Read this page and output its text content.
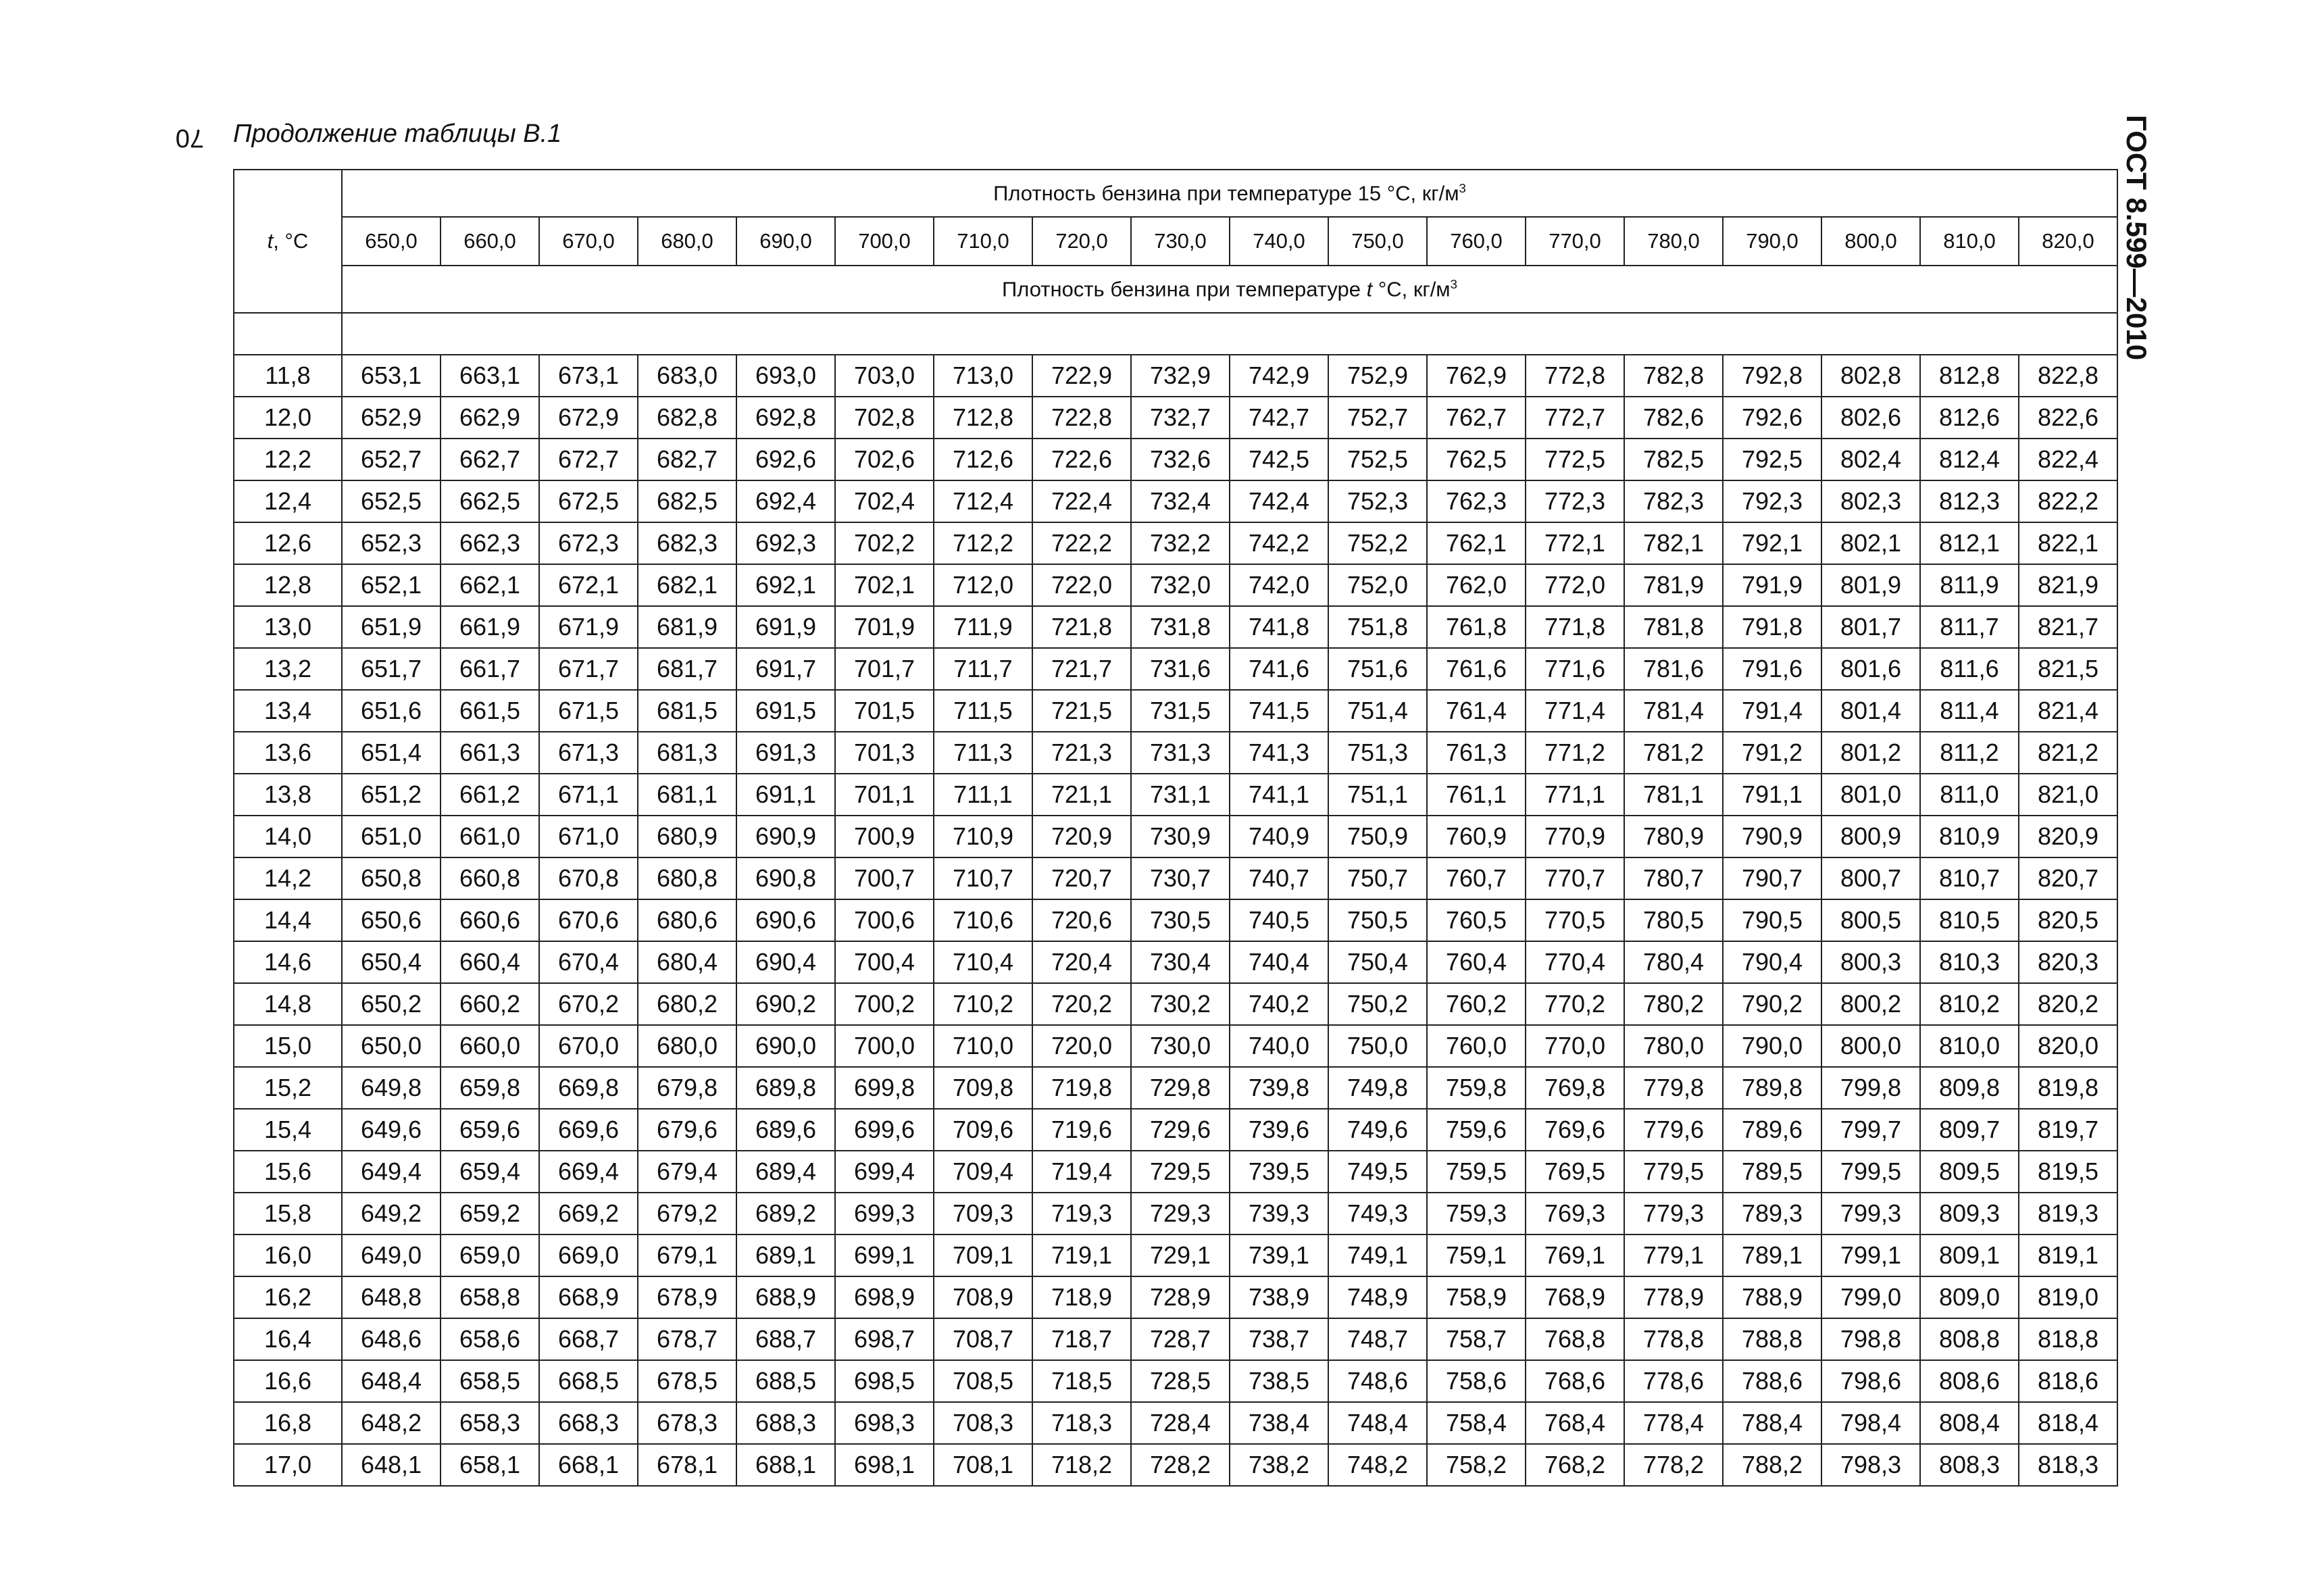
70 Продолжение таблицы В.1	ГОСТ 8.599—2010
t, °С	Плотность бензина при температуре 15 °С, $кг/м^3$
	650,0	660,0	670,0	680,0	690,0	700,0	710,0	720,0	730,0	740,0	750,0	760,0	770,0	780,0	790,0	800,0	810,0	820,0
	Плотность бензина при температуре t °С, $кг/м^3$

11,8	653,1	663,1	673,1	683,0	693,0	703,0	713,0	722,9	732,9	742,9	752,9	762,9	772,8	782,8	792,8	802,8	812,8	822,8
12,0	652,9	662,9	672,9	682,8	692,8	702,8	712,8	722,8	732,7	742,7	752,7	762,7	772,7	782,6	792,6	802,6	812,6	822,6
12,2	652,7	662,7	672,7	682,7	692,6	702,6	712,6	722,6	732,6	742,5	752,5	762,5	772,5	782,5	792,5	802,4	812,4	822,4
12,4	652,5	662,5	672,5	682,5	692,4	702,4	712,4	722,4	732,4	742,4	752,3	762,3	772,3	782,3	792,3	802,3	812,3	822,2
12,6	652,3	662,3	672,3	682,3	692,3	702,2	712,2	722,2	732,2	742,2	752,2	762,1	772,1	782,1	792,1	802,1	812,1	822,1
12,8	652,1	662,1	672,1	682,1	692,1	702,1	712,0	722,0	732,0	742,0	752,0	762,0	772,0	781,9	791,9	801,9	811,9	821,9
13,0	651,9	661,9	671,9	681,9	691,9	701,9	711,9	721,8	731,8	741,8	751,8	761,8	771,8	781,8	791,8	801,7	811,7	821,7
13,2	651,7	661,7	671,7	681,7	691,7	701,7	711,7	721,7	731,6	741,6	751,6	761,6	771,6	781,6	791,6	801,6	811,6	821,5
13,4	651,6	661,5	671,5	681,5	691,5	701,5	711,5	721,5	731,5	741,5	751,4	761,4	771,4	781,4	791,4	801,4	811,4	821,4
13,6	651,4	661,3	671,3	681,3	691,3	701,3	711,3	721,3	731,3	741,3	751,3	761,3	771,2	781,2	791,2	801,2	811,2	821,2
13,8	651,2	661,2	671,1	681,1	691,1	701,1	711,1	721,1	731,1	741,1	751,1	761,1	771,1	781,1	791,1	801,0	811,0	821,0
14,0	651,0	661,0	671,0	680,9	690,9	700,9	710,9	720,9	730,9	740,9	750,9	760,9	770,9	780,9	790,9	800,9	810,9	820,9
14,2	650,8	660,8	670,8	680,8	690,8	700,7	710,7	720,7	730,7	740,7	750,7	760,7	770,7	780,7	790,7	800,7	810,7	820,7
14,4	650,6	660,6	670,6	680,6	690,6	700,6	710,6	720,6	730,5	740,5	750,5	760,5	770,5	780,5	790,5	800,5	810,5	820,5
14,6	650,4	660,4	670,4	680,4	690,4	700,4	710,4	720,4	730,4	740,4	750,4	760,4	770,4	780,4	790,4	800,3	810,3	820,3
14,8	650,2	660,2	670,2	680,2	690,2	700,2	710,2	720,2	730,2	740,2	750,2	760,2	770,2	780,2	790,2	800,2	810,2	820,2
15,0	650,0	660,0	670,0	680,0	690,0	700,0	710,0	720,0	730,0	740,0	750,0	760,0	770,0	780,0	790,0	800,0	810,0	820,0
15,2	649,8	659,8	669,8	679,8	689,8	699,8	709,8	719,8	729,8	739,8	749,8	759,8	769,8	779,8	789,8	799,8	809,8	819,8
15,4	649,6	659,6	669,6	679,6	689,6	699,6	709,6	719,6	729,6	739,6	749,6	759,6	769,6	779,6	789,6	799,7	809,7	819,7
15,6	649,4	659,4	669,4	679,4	689,4	699,4	709,4	719,4	729,5	739,5	749,5	759,5	769,5	779,5	789,5	799,5	809,5	819,5
15,8	649,2	659,2	669,2	679,2	689,2	699,3	709,3	719,3	729,3	739,3	749,3	759,3	769,3	779,3	789,3	799,3	809,3	819,3
16,0	649,0	659,0	669,0	679,1	689,1	699,1	709,1	719,1	729,1	739,1	749,1	759,1	769,1	779,1	789,1	799,1	809,1	819,1
16,2	648,8	658,8	668,9	678,9	688,9	698,9	708,9	718,9	728,9	738,9	748,9	758,9	768,9	778,9	788,9	799,0	809,0	819,0
16,4	648,6	658,6	668,7	678,7	688,7	698,7	708,7	718,7	728,7	738,7	748,7	758,7	768,8	778,8	788,8	798,8	808,8	818,8
16,6	648,4	658,5	668,5	678,5	688,5	698,5	708,5	718,5	728,5	738,5	748,6	758,6	768,6	778,6	788,6	798,6	808,6	818,6
16,8	648,2	658,3	668,3	678,3	688,3	698,3	708,3	718,3	728,4	738,4	748,4	758,4	768,4	778,4	788,4	798,4	808,4	818,4
17,0	648,1	658,1	668,1	678,1	688,1	698,1	708,1	718,2	728,2	738,2	748,2	758,2	768,2	778,2	788,2	798,3	808,3	818,3
